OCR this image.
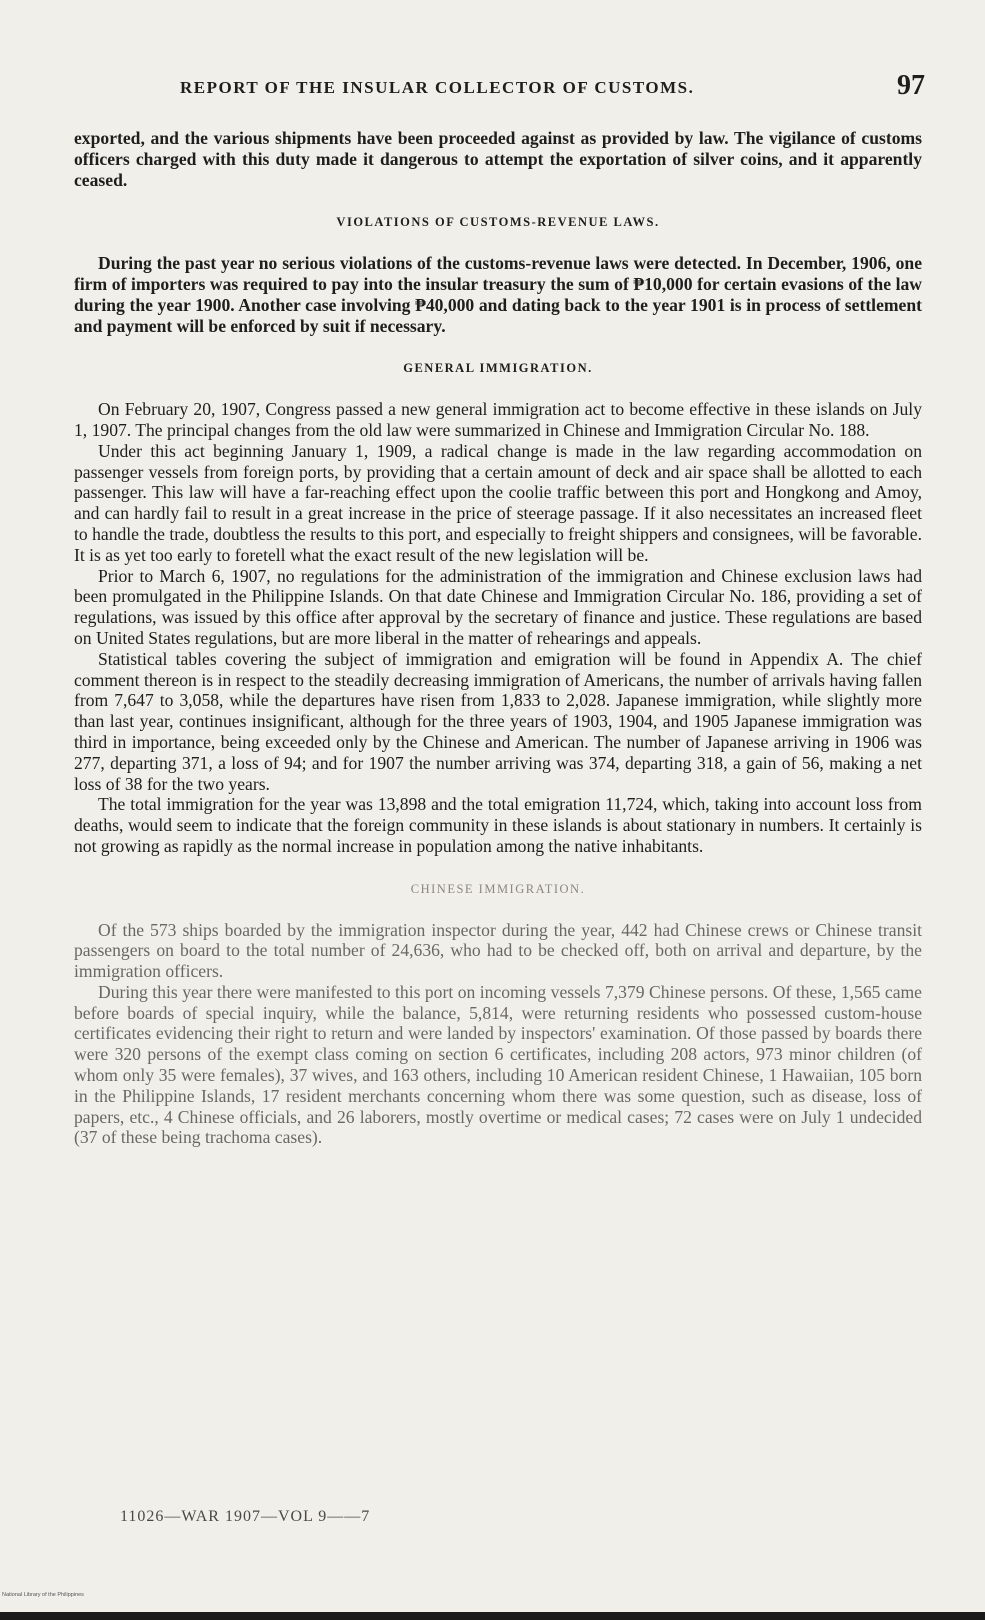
REPORT OF THE INSULAR COLLECTOR OF CUSTOMS.	97

exported, and the various shipments have been proceeded against as provided by law. The vigilance of customs officers charged with this duty made it dangerous to attempt the exportation of silver coins, and it apparently ceased.

VIOLATIONS OF CUSTOMS-REVENUE LAWS.

During the past year no serious violations of the customs-revenue laws were detected. In December, 1906, one firm of importers was required to pay into the insular treasury the sum of ₱10,000 for certain evasions of the law during the year 1900. Another case involving ₱40,000 and dating back to the year 1901 is in process of settlement and payment will be enforced by suit if necessary.

GENERAL IMMIGRATION.

On February 20, 1907, Congress passed a new general immigration act to become effective in these islands on July 1, 1907. The principal changes from the old law were summarized in Chinese and Immigration Circular No. 188.

Under this act beginning January 1, 1909, a radical change is made in the law regarding accommodation on passenger vessels from foreign ports, by providing that a certain amount of deck and air space shall be allotted to each passenger. This law will have a far-reaching effect upon the coolie traffic between this port and Hongkong and Amoy, and can hardly fail to result in a great increase in the price of steerage passage. If it also necessitates an increased fleet to handle the trade, doubtless the results to this port, and especially to freight shippers and consignees, will be favorable. It is as yet too early to foretell what the exact result of the new legislation will be.

Prior to March 6, 1907, no regulations for the administration of the immigration and Chinese exclusion laws had been promulgated in the Philippine Islands. On that date Chinese and Immigration Circular No. 186, providing a set of regulations, was issued by this office after approval by the secretary of finance and justice. These regulations are based on United States regulations, but are more liberal in the matter of rehearings and appeals.

Statistical tables covering the subject of immigration and emigration will be found in Appendix A. The chief comment thereon is in respect to the steadily decreasing immigration of Americans, the number of arrivals having fallen from 7,647 to 3,058, while the departures have risen from 1,833 to 2,028. Japanese immigration, while slightly more than last year, continues insignificant, although for the three years of 1903, 1904, and 1905 Japanese immigration was third in importance, being exceeded only by the Chinese and American. The number of Japanese arriving in 1906 was 277, departing 371, a loss of 94; and for 1907 the number arriving was 374, departing 318, a gain of 56, making a net loss of 38 for the two years.

The total immigration for the year was 13,898 and the total emigration 11,724, which, taking into account loss from deaths, would seem to indicate that the foreign community in these islands is about stationary in numbers. It certainly is not growing as rapidly as the normal increase in population among the native inhabitants.

CHINESE IMMIGRATION.

Of the 573 ships boarded by the immigration inspector during the year, 442 had Chinese crews or Chinese transit passengers on board to the total number of 24,636, who had to be checked off, both on arrival and departure, by the immigration officers.

During this year there were manifested to this port on incoming vessels 7,379 Chinese persons. Of these, 1,565 came before boards of special inquiry, while the balance, 5,814, were returning residents who possessed custom-house certificates evidencing their right to return and were landed by inspectors' examination. Of those passed by boards there were 320 persons of the exempt class coming on section 6 certificates, including 208 actors, 973 minor children (of whom only 35 were females), 37 wives, and 163 others, including 10 American resident Chinese, 1 Hawaiian, 105 born in the Philippine Islands, 17 resident merchants concerning whom there was some question, such as disease, loss of papers, etc., 4 Chinese officials, and 26 laborers, mostly overtime or medical cases; 72 cases were on July 1 undecided (37 of these being trachoma cases).

11026—WAR 1907—VOL 9——7
National Library of the Philippines
